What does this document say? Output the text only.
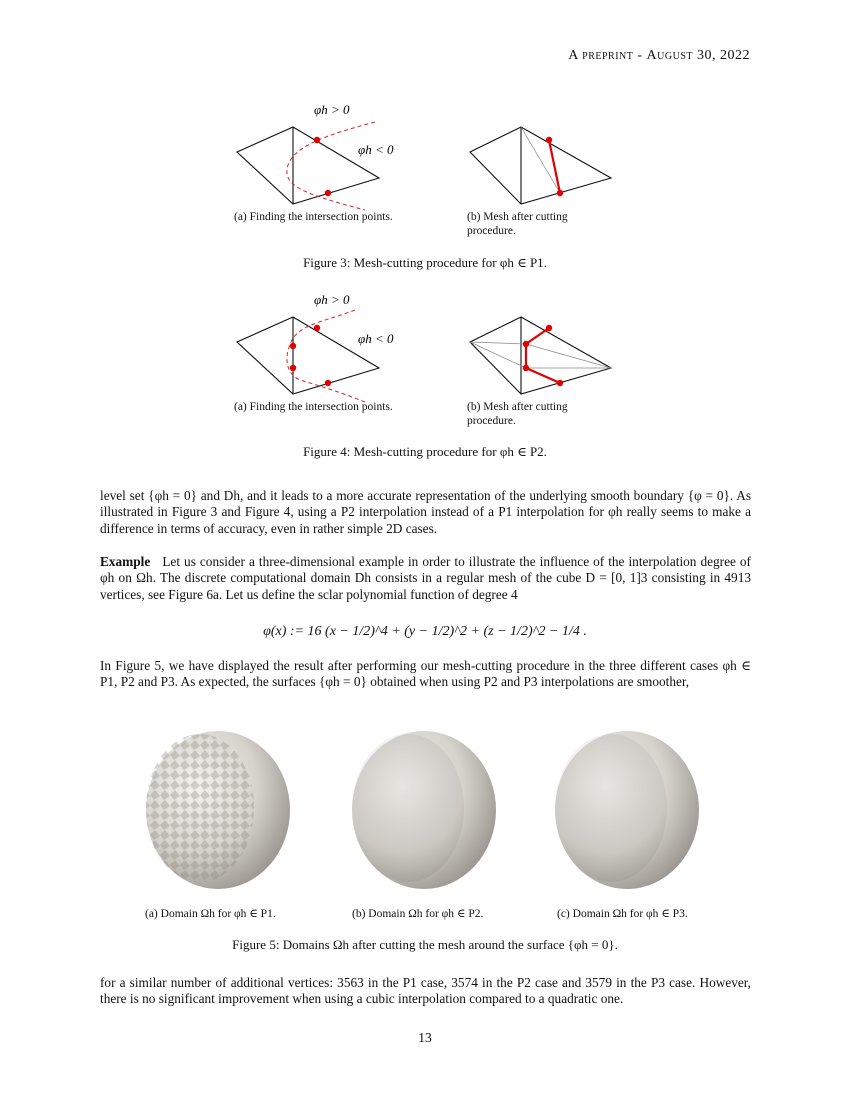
A preprint - August 30, 2022
φh > 0
φh < 0
(a) Finding the intersection points.	(b) Mesh after cutting procedure.
Figure 3: Mesh-cutting procedure for φh ∈ P1.
φh > 0
φh < 0
(a) Finding the intersection points.	(b) Mesh after cutting procedure.
Figure 4: Mesh-cutting procedure for φh ∈ P2.
level set {φh = 0} and Dh, and it leads to a more accurate representation of the underlying smooth boundary {φ = 0}. As illustrated in Figure 3 and Figure 4, using a P2 interpolation instead of a P1 interpolation for φh really seems to make a difference in terms of accuracy, even in rather simple 2D cases.
Example Let us consider a three-dimensional example in order to illustrate the influence of the interpolation degree of φh on Ωh. The discrete computational domain Dh consists in a regular mesh of the cube D = [0, 1]3 consisting in 4913 vertices, see Figure 6a. Let us define the sclar polynomial function of degree 4
φ(x) := 16 (x − 1/2)^4 + (y − 1/2)^2 + (z − 1/2)^2 − 1/4 .
In Figure 5, we have displayed the result after performing our mesh-cutting procedure in the three different cases φh ∈ P1, P2 and P3. As expected, the surfaces {φh = 0} obtained when using P2 and P3 interpolations are smoother,
(a) Domain Ωh for φh ∈ P1.	(b) Domain Ωh for φh ∈ P2.	(c) Domain Ωh for φh ∈ P3.
Figure 5: Domains Ωh after cutting the mesh around the surface {φh = 0}.
for a similar number of additional vertices: 3563 in the P1 case, 3574 in the P2 case and 3579 in the P3 case. However, there is no significant improvement when using a cubic interpolation compared to a quadratic one.
13
